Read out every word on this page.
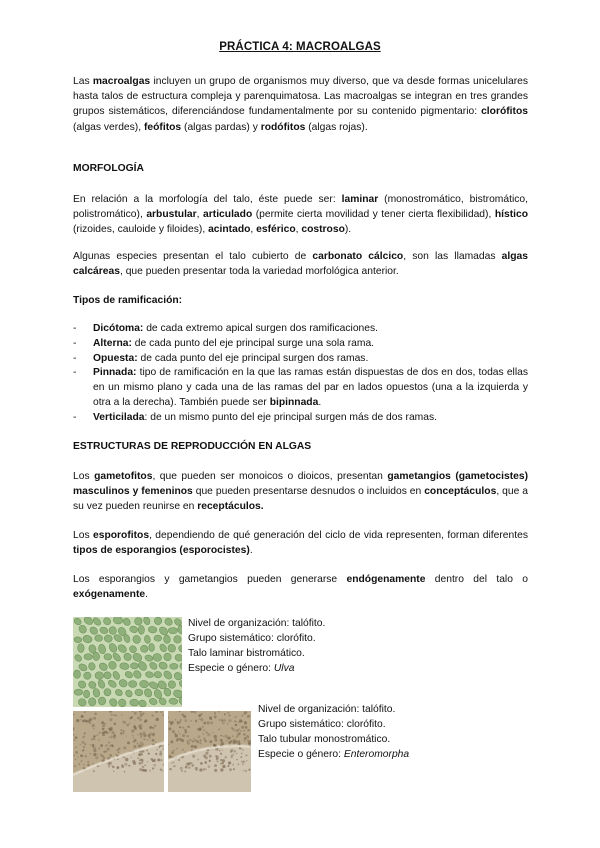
PRÁCTICA 4: MACROALGAS
Las macroalgas incluyen un grupo de organismos muy diverso, que va desde formas unicelulares hasta talos de estructura compleja y parenquimatosa. Las macroalgas se integran en tres grandes grupos sistemáticos, diferenciándose fundamentalmente por su contenido pigmentario: clorófitos (algas verdes), feófitos (algas pardas) y rodófitos (algas rojas).
MORFOLOGÍA
En relación a la morfología del talo, éste puede ser: laminar (monostromático, bistromático, polistromático), arbustular, articulado (permite cierta movilidad y tener cierta flexibilidad), hístico (rizoides, cauloide y filoides), acintado, esférico, costroso).
Algunas especies presentan el talo cubierto de carbonato cálcico, son las llamadas algas calcáreas, que pueden presentar toda la variedad morfológica anterior.
Tipos de ramificación:
- Dicótoma: de cada extremo apical surgen dos ramificaciones.
- Alterna: de cada punto del eje principal surge una sola rama.
- Opuesta: de cada punto del eje principal surgen dos ramas.
- Pinnada: tipo de ramificación en la que las ramas están dispuestas de dos en dos, todas ellas en un mismo plano y cada una de las ramas del par en lados opuestos (una a la izquierda y otra a la derecha). También puede ser bipinnada.
- Verticilada: de un mismo punto del eje principal surgen más de dos ramas.
ESTRUCTURAS DE REPRODUCCIÓN EN ALGAS
Los gametofitos, que pueden ser monoicos o dioicos, presentan gametangios (gametocistes) masculinos y femeninos que pueden presentarse desnudos o incluidos en conceptáculos, que a su vez pueden reunirse en receptáculos.
Los esporofitos, dependiendo de qué generación del ciclo de vida representen, forman diferentes tipos de esporangios (esporocistes).
Los esporangios y gametangios pueden generarse endógenamente dentro del talo o exógenamente.
Nivel de organización: talófito.
Grupo sistemático: clorófito.
Talo laminar bistromático.
Especie o género: Ulva
Nivel de organización: talófito.
Grupo sistemático: clorófito.
Talo tubular monostromático.
Especie o género: Enteromorpha
